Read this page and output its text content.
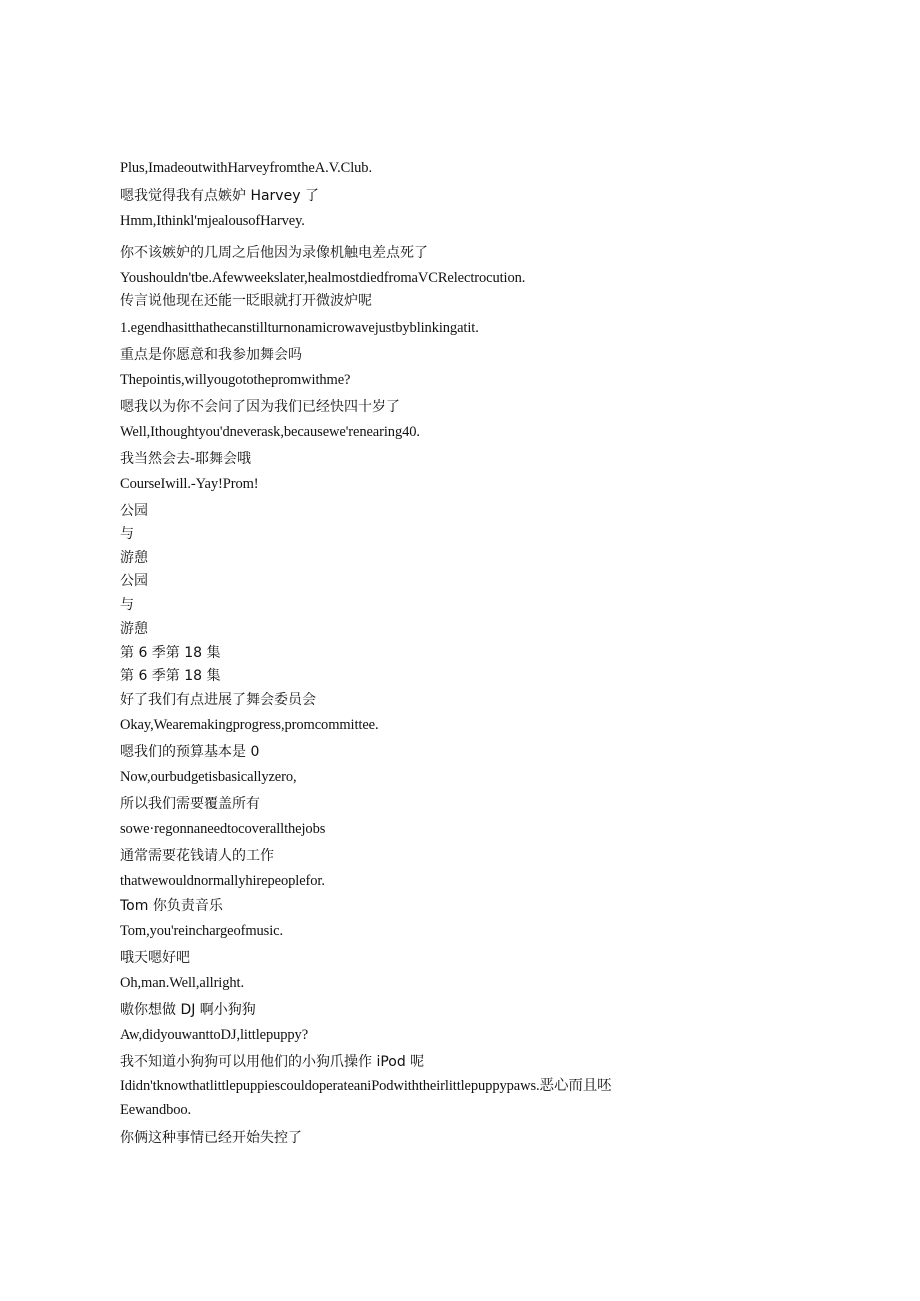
Plus,ImadeoutwithHarveyfromtheA.V.Club.
嗯我觉得我有点嫉妒 Harvey 了
Hmm,Ithinkl'mjealousofHarvey.
你不该嫉妒的几周之后他因为录像机触电差点死了
Youshouldn'tbe.Afewweekslater,healmostdiedfromaVCRelectrocution.
传言说他现在还能一眨眼就打开微波炉呢
1.egendhasitthathecanstillturnonamicrowavejustbyblinkingatit.
重点是你愿意和我参加舞会吗
Thepointis,willyougotothepromwithme?
嗯我以为你不会问了因为我们已经快四十岁了
Well,Ithoughtyou'dneverask,becausewe'renearing40.
我当然会去-耶舞会哦
CourseIwill.-Yay!Prom!
公园
与
游憩
公园
与
游憩
第 6 季第 18 集
第 6 季第 18 集
好了我们有点进展了舞会委员会
Okay,Wearemakingprogress,promcommittee.
嗯我们的预算基本是 0
Now,ourbudgetisbasicallyzero,
所以我们需要覆盖所有
sowe·regonnaneedtocoverallthejobs
通常需要花钱请人的工作
thatwewouldnormallyhirepeoplefor.
Tom 你负责音乐
Tom,you'reinchargeofmusic.
哦天嗯好吧
Oh,man.Well,allright.
嗷你想做 DJ 啊小狗狗
Aw,didyouwanttoDJ,littlepuppy?
我不知道小狗狗可以用他们的小狗爪操作 iPod 呢
Ididn'tknowthatlittlepuppiescouldoperateaniPodwiththeirlittlepuppypaws.恶心而且呸
Eewandboo.
你俩这种事情已经开始失控了
